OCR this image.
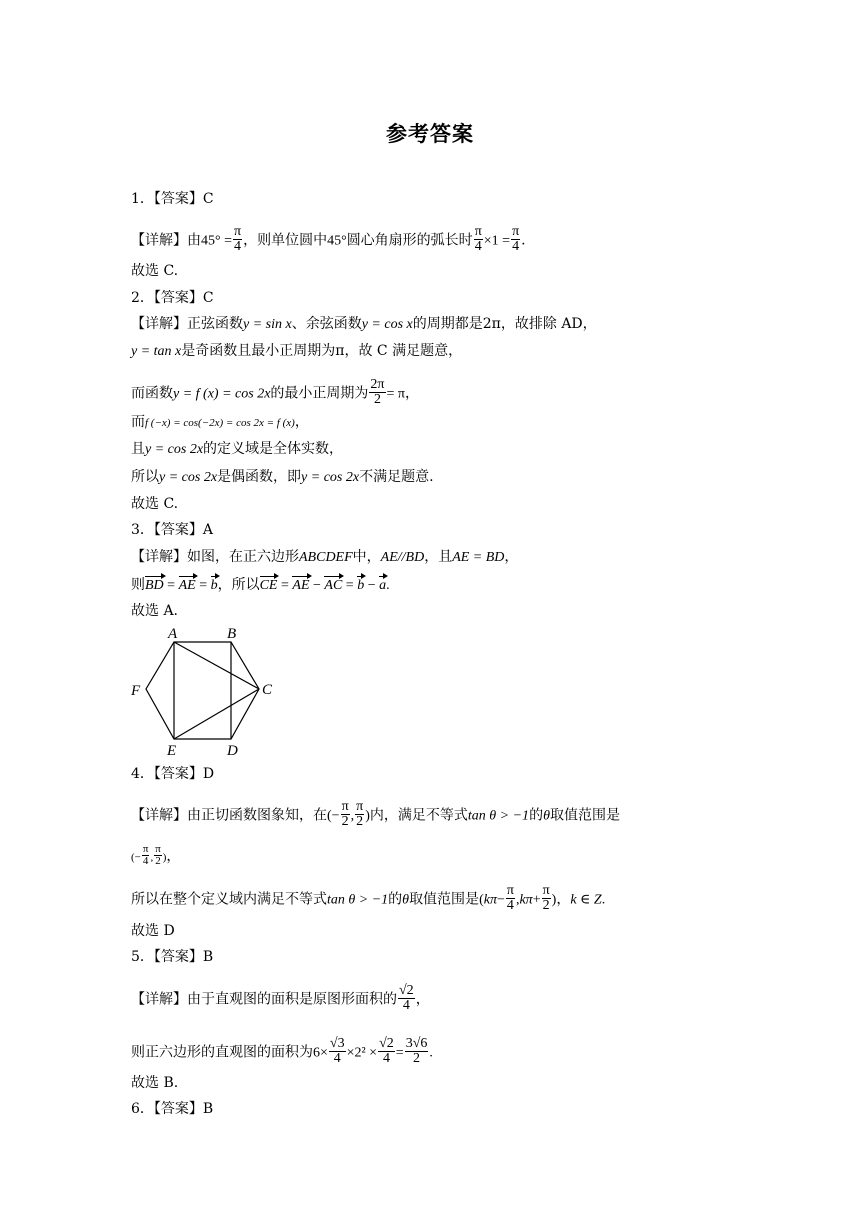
参考答案
1．【答案】C
【详解】由$45^\circ = \frac{\pi}{4}$ ，则单位圆中45°圆心角扇形的弧长时 $\frac{\pi}{4} \times 1 = \frac{\pi}{4}$ .
故选 C.
2．【答案】C
【详解】正弦函数y = sin x、余弦函数y = cos x的周期都是2π，故排除 AD，
y = tan x是奇函数且最小正周期为π，故 C 满足题意，
而函数y = f (x) = cos 2x的最小正周期为 $\frac{2\pi}{2} = \pi$，
而f (−x) = cos(−2x) = cos 2x = f (x)，
且y = cos 2x的定义域是全体实数，
所以y = cos 2x是偶函数，即y = cos 2x不满足题意.
故选 C.
3．【答案】A
【详解】如图，在正六边形ABCDEF中，AE//BD，且AE = BD，
则BD = AE = b，所以CE = AE − AC = b − a.
故选 A.
A	B
C
D
E
F
4．【答案】D
【详解】由正切函数图象知，在(− $\frac{\pi}{2}$ , $\frac{\pi}{2}$ )内，满足不等式tan θ > −1的θ取值范围是
(− $\frac{\pi}{4}$ , $\frac{\pi}{2}$ )，
所以在整个定义域内满足不等式tan θ > −1的θ取值范围是($k\pi- \frac{\pi}{4} ,k\pi+ \frac{\pi}{2}$ )，k ∈ Z.
故选 D
5．【答案】B
【详解】由于直观图的面积是原图形面积的 $\frac{√2}{4}$ ，
则正六边形的直观图的面积为$6\times \frac{√3}{4} \times 2^2 \times \frac{√2}{4} = \frac{3√6}{2}$ .
故选 B.
6．【答案】B
